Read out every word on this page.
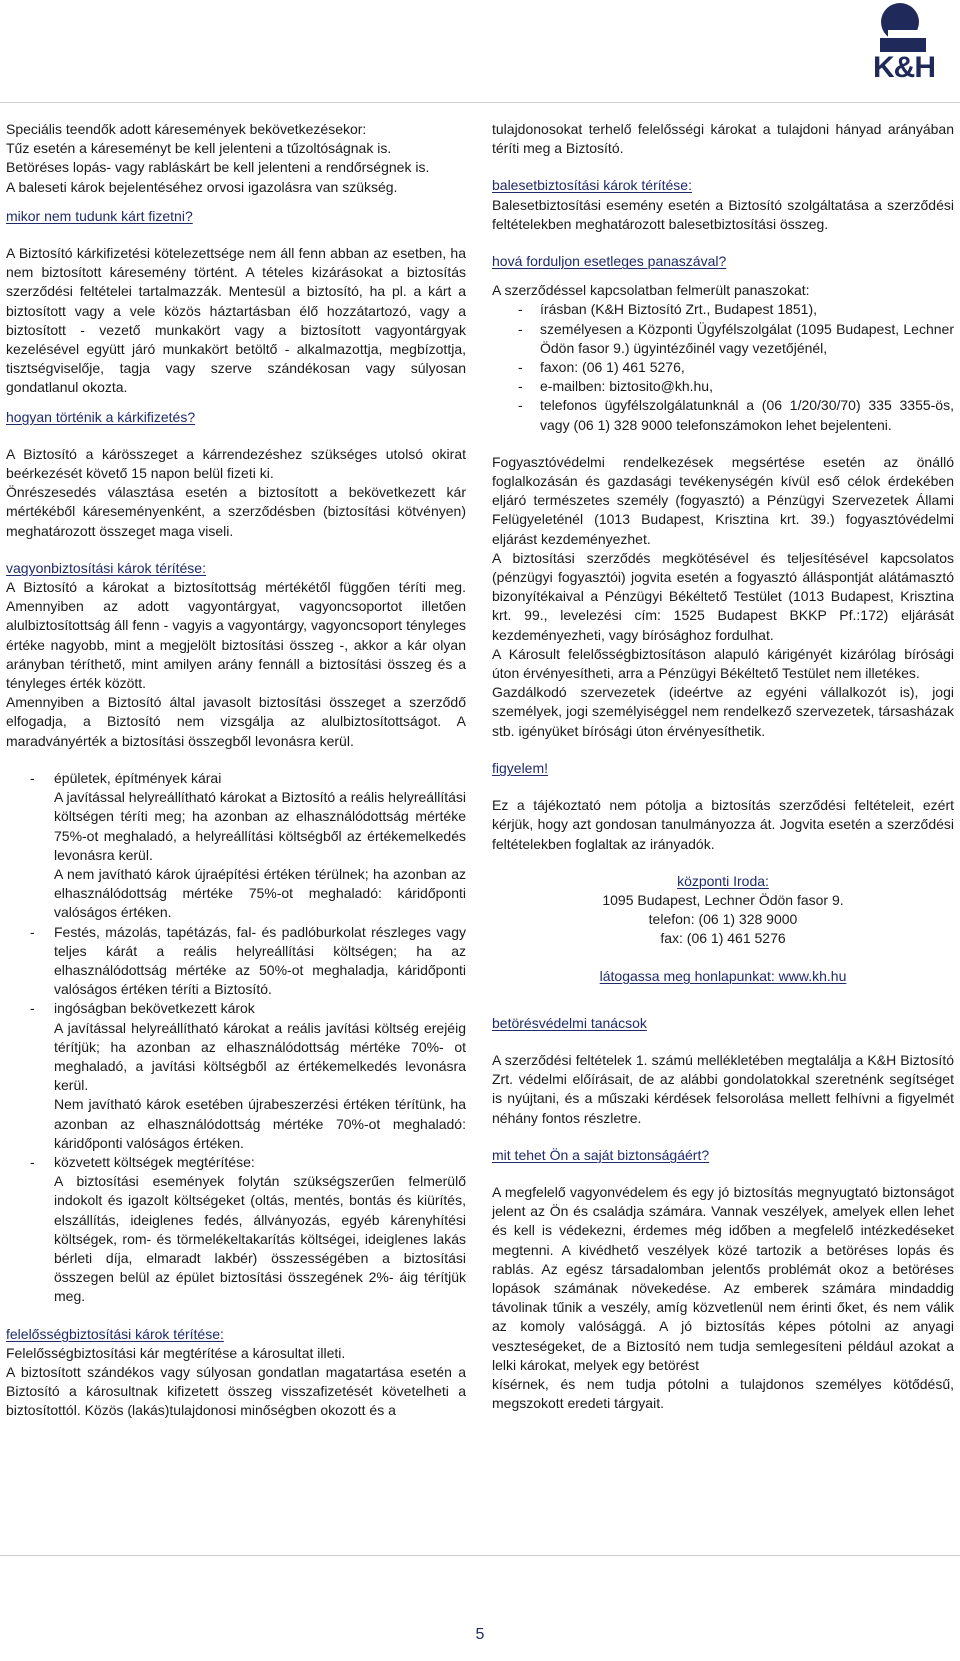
K&H

Speciális teendők adott káresemények bekövetkezésekor:

Tűz esetén a káreseményt be kell jelenteni a tűzoltóságnak is.

Betöréses lopás- vagy rabláskárt be kell jelenteni a rendőrségnek is.

A baleseti károk bejelentéséhez orvosi igazolásra van szükség.

mikor nem tudunk kárt fizetni?

A Biztosító kárkifizetési kötelezettsége nem áll fenn abban az esetben, ha nem biztosított káresemény történt. A tételes kizárásokat a biztosítás szerződési feltételei tartalmazzák. Mentesül a biztosító, ha pl. a kárt a biztosított vagy a vele közös háztartásban élő hozzátartozó, vagy a biztosított - vezető munkakört vagy a biztosított vagyontárgyak kezelésével együtt járó munkakört betöltő - alkalmazottja, megbízottja, tisztségviselője, tagja vagy szerve szándékosan vagy súlyosan gondatlanul okozta.

hogyan történik a kárkifizetés?

A Biztosító a kárösszeget a kárrendezéshez szükséges utolsó okirat beérkezését követő 15 napon belül fizeti ki.

Önrészesedés választása esetén a biztosított a bekövetkezett kár mértékéből káreseményenként, a szerződésben (biztosítási kötvényen) meghatározott összeget maga viseli.

vagyonbiztosítási károk térítése:

A Biztosító a károkat a biztosítottság mértékétől függően téríti meg. Amennyiben az adott vagyontárgyat, vagyoncsoportot illetően alulbiztosítottság áll fenn - vagyis a vagyontárgy, vagyoncsoport tényleges értéke nagyobb, mint a megjelölt biztosítási összeg -, akkor a kár olyan arányban téríthető, mint amilyen arány fennáll a biztosítási összeg és a tényleges érték között.

Amennyiben a Biztosító által javasolt biztosítási összeget a szerződő elfogadja, a Biztosító nem vizsgálja az alulbiztosítottságot. A maradványérték a biztosítási összegből levonásra kerül.

- épületek, építmények kárai

A javítással helyreállítható károkat a Biztosító a reális helyreállítási költségen téríti meg; ha azonban az elhasználódottság mértéke 75%-ot meghaladó, a helyreállítási költségből az értékemelkedés levonásra kerül.

A nem javítható károk újraépítési értéken térülnek; ha azonban az elhasználódottság mértéke 75%-ot meghaladó: káridőponti valóságos értéken.

- Festés, mázolás, tapétázás, fal- és padlóburkolat részleges vagy teljes kárát a reális helyreállítási költségen; ha az elhasználódottság mértéke az 50%-ot meghaladja, káridőponti valóságos értéken téríti a Biztosító.

- ingóságban bekövetkezett károk

A javítással helyreállítható károkat a reális javítási költség erejéig térítjük; ha azonban az elhasználódottság mértéke 70%- ot meghaladó, a javítási költségből az értékemelkedés levonásra kerül.

Nem javítható károk esetében újrabeszerzési értéken térítünk, ha azonban az elhasználódottság mértéke 70%-ot meghaladó: káridőponti valóságos értéken.

- közvetett költségek megtérítése:

A biztosítási események folytán szükségszerűen felmerülő indokolt és igazolt költségeket (oltás, mentés, bontás és kiürítés, elszállítás, ideiglenes fedés, állványozás, egyéb kárenyhítési költségek, rom- és törmelékeltakarítás költségei, ideiglenes lakás bérleti díja, elmaradt lakbér) összességében a biztosítási összegen belül az épület biztosítási összegének 2%- áig térítjük meg.

felelősségbiztosítási károk térítése:

Felelősségbiztosítási kár megtérítése a károsultat illeti.

A biztosított szándékos vagy súlyosan gondatlan magatartása esetén a Biztosító a károsultnak kifizetett összeg visszafizetését követelheti a biztosítottól. Közös (lakás)tulajdonosi minőségben okozott és a

tulajdonosokat terhelő felelősségi károkat a tulajdoni hányad arányában téríti meg a Biztosító.

balesetbiztosítási károk térítése:

Balesetbiztosítási esemény esetén a Biztosító szolgáltatása a szerződési feltételekben meghatározott balesetbiztosítási összeg.

hová forduljon esetleges panaszával?

A szerződéssel kapcsolatban felmerült panaszokat:

- írásban (K&H Biztosító Zrt., Budapest 1851),
- személyesen a Központi Ügyfélszolgálat (1095 Budapest, Lechner Ödön fasor 9.) ügyintézőinél vagy vezetőjénél,
- faxon: (06 1) 461 5276,
- e-mailben: biztosito@kh.hu,
- telefonos ügyfélszolgálatunknál a (06 1/20/30/70) 335 3355-ös, vagy (06 1) 328 9000 telefonszámokon lehet bejelenteni.

Fogyasztóvédelmi rendelkezések megsértése esetén az önálló foglalkozásán és gazdasági tevékenységén kívül eső célok érdekében eljáró természetes személy (fogyasztó) a Pénzügyi Szervezetek Állami Felügyeleténél (1013 Budapest, Krisztina krt. 39.) fogyasztóvédelmi eljárást kezdeményezhet.

A biztosítási szerződés megkötésével és teljesítésével kapcsolatos (pénzügyi fogyasztói) jogvita esetén a fogyasztó álláspontját alátámasztó bizonyítékaival a Pénzügyi Békéltető Testület (1013 Budapest, Krisztina krt. 99., levelezési cím: 1525 Budapest BKKP Pf.:172) eljárását kezdeményezheti, vagy bírósághoz fordulhat.

A Károsult felelősségbiztosításon alapuló kárigényét kizárólag bírósági úton érvényesítheti, arra a Pénzügyi Békéltető Testület nem illetékes.

Gazdálkodó szervezetek (ideértve az egyéni vállalkozót is), jogi személyek, jogi személyiséggel nem rendelkező szervezetek, társasházak stb. igényüket bírósági úton érvényesíthetik.

figyelem!

Ez a tájékoztató nem pótolja a biztosítás szerződési feltételeit, ezért kérjük, hogy azt gondosan tanulmányozza át. Jogvita esetén a szerződési feltételekben foglaltak az irányadók.

központi Iroda:

1095 Budapest, Lechner Ödön fasor 9.

telefon: (06 1) 328 9000

fax: (06 1) 461 5276

látogassa meg honlapunkat: www.kh.hu

betörésvédelmi tanácsok

A szerződési feltételek 1. számú mellékletében megtalálja a K&H Biztosító Zrt. védelmi előírásait, de az alábbi gondolatokkal szeretnénk segítséget is nyújtani, és a műszaki kérdések felsorolása mellett felhívni a figyelmét néhány fontos részletre.

mit tehet Ön a saját biztonságáért?

A megfelelő vagyonvédelem és egy jó biztosítás megnyugtató biztonságot jelent az Ön és családja számára. Vannak veszélyek, amelyek ellen lehet és kell is védekezni, érdemes még időben a megfelelő intézkedéseket megtenni. A kivédhető veszélyek közé tartozik a betöréses lopás és rablás. Az egész társadalomban jelentős problémát okoz a betöréses lopások számának növekedése. Az emberek számára mindaddig távolinak tűnik a veszély, amíg közvetlenül nem érinti őket, és nem válik az komoly valósággá. A jó biztosítás képes pótolni az anyagi veszteségeket, de a Biztosító nem tudja semlegesíteni például azokat a lelki károkat, melyek egy betörést

kísérnek, és nem tudja pótolni a tulajdonos személyes kötődésű, megszokott eredeti tárgyait.

5
